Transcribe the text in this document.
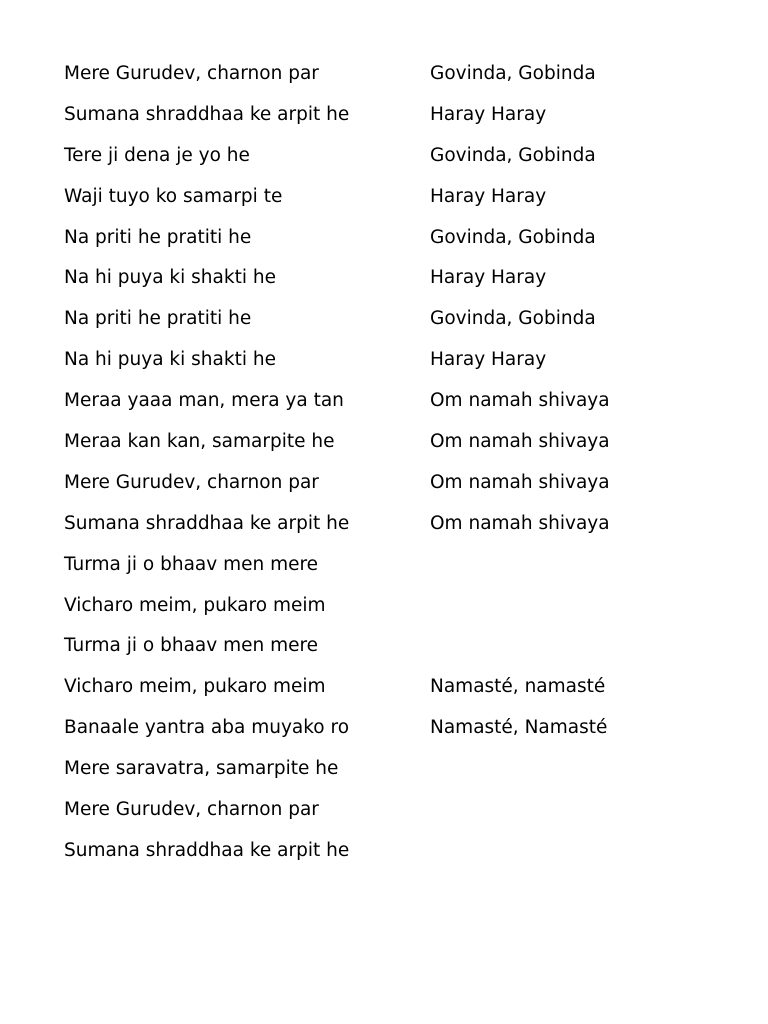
Mere Gurudev, charnon par	Govinda, Gobinda
Sumana shraddhaa ke arpit he	Haray Haray
Tere ji dena je yo he	Govinda, Gobinda
Waji tuyo ko samarpi te	Haray Haray
Na priti he pratiti he	Govinda, Gobinda
Na hi puya ki shakti he	Haray Haray
Na priti he pratiti he	Govinda, Gobinda
Na hi puya ki shakti he	Haray Haray
Meraa yaaa man, mera ya tan	Om namah shivaya
Meraa kan kan, samarpite he	Om namah shivaya
Mere Gurudev, charnon par	Om namah shivaya
Sumana shraddhaa ke arpit he	Om namah shivaya
Turma ji o bhaav men mere
Vicharo meim, pukaro meim
Turma ji o bhaav men mere
Vicharo meim, pukaro meim	Namasté, namasté
Banaale yantra aba muyako ro	Namasté, Namasté
Mere saravatra, samarpite he
Mere Gurudev, charnon par
Sumana shraddhaa ke arpit he
